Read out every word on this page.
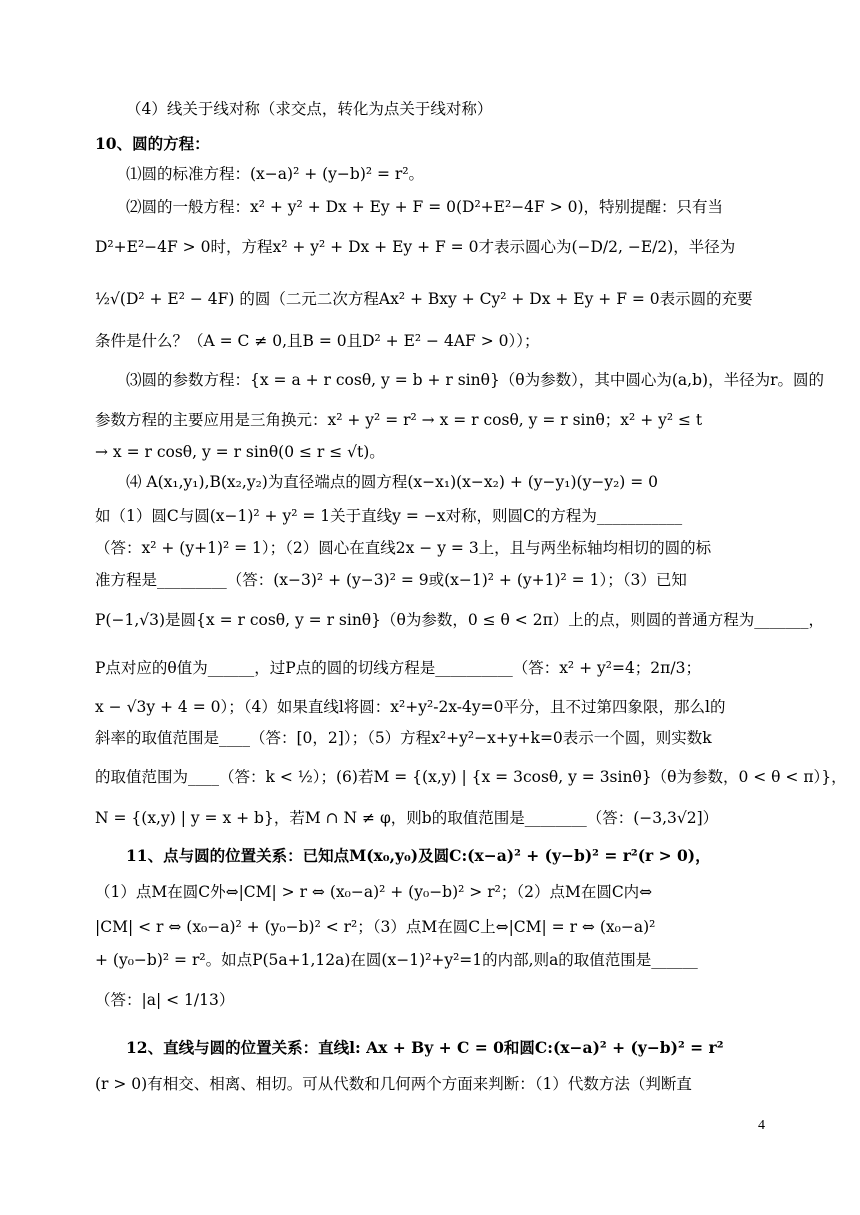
（4）线关于线对称（求交点，转化为点关于线对称）
10、圆的方程：
⑴圆的标准方程：(x−a)² + (y−b)² = r²。
⑵圆的一般方程：x² + y² + Dx + Ey + F = 0(D²+E²−4F > 0)，特别提醒：只有当
D²+E²−4F > 0时，方程x² + y² + Dx + Ey + F = 0才表示圆心为(−D/2, −E/2)，半径为
½√(D² + E² − 4F) 的圆（二元二次方程Ax² + Bxy + Cy² + Dx + Ey + F = 0表示圆的充要
条件是什么？（A = C ≠ 0,且B = 0且D² + E² − 4AF > 0））；
⑶圆的参数方程：{x = a + r cosθ, y = b + r sinθ}（θ为参数），其中圆心为(a,b)，半径为r。圆的
参数方程的主要应用是三角换元：x² + y² = r² → x = r cosθ, y = r sinθ；x² + y² ≤ t
→ x = r cosθ, y = r sinθ(0 ≤ r ≤ √t)。
⑷ A(x₁,y₁),B(x₂,y₂)为直径端点的圆方程(x−x₁)(x−x₂) + (y−y₁)(y−y₂) = 0
如（1）圆C与圆(x−1)² + y² = 1关于直线y = −x对称，则圆C的方程为___________
（答：x² + (y+1)² = 1）；（2）圆心在直线2x − y = 3上，且与两坐标轴均相切的圆的标
准方程是_________（答：(x−3)² + (y−3)² = 9或(x−1)² + (y+1)² = 1）；（3）已知
P(−1,√3)是圆{x = r cosθ, y = r sinθ}（θ为参数，0 ≤ θ < 2π）上的点，则圆的普通方程为_______，
P点对应的θ值为______，过P点的圆的切线方程是__________（答：x² + y²=4；2π/3；
x − √3y + 4 = 0）；（4）如果直线l将圆：x²+y²-2x-4y=0平分，且不过第四象限，那么l的
斜率的取值范围是____（答：[0，2]）；（5）方程x²+y²−x+y+k=0表示一个圆，则实数k
的取值范围为____（答：k < ½）；(6)若M = {(x,y) | {x = 3cosθ, y = 3sinθ}（θ为参数，0 < θ < π）}，
N = {(x,y) | y = x + b}，若M ∩ N ≠ φ，则b的取值范围是________（答：(−3,3√2]）
11、点与圆的位置关系：已知点M(x₀,y₀)及圆C:(x−a)² + (y−b)² = r²(r > 0)，
（1）点M在圆C外⇔|CM| > r ⇔ (x₀−a)² + (y₀−b)² > r²；（2）点M在圆C内⇔
|CM| < r ⇔ (x₀−a)² + (y₀−b)² < r²；（3）点M在圆C上⇔|CM| = r ⇔ (x₀−a)²
+ (y₀−b)² = r²。如点P(5a+1,12a)在圆(x−1)²+y²=1的内部,则a的取值范围是______
（答：|a| < 1/13）
12、直线与圆的位置关系：直线l: Ax + By + C = 0和圆C:(x−a)² + (y−b)² = r²
(r > 0)有相交、相离、相切。可从代数和几何两个方面来判断：（1）代数方法（判断直
4
